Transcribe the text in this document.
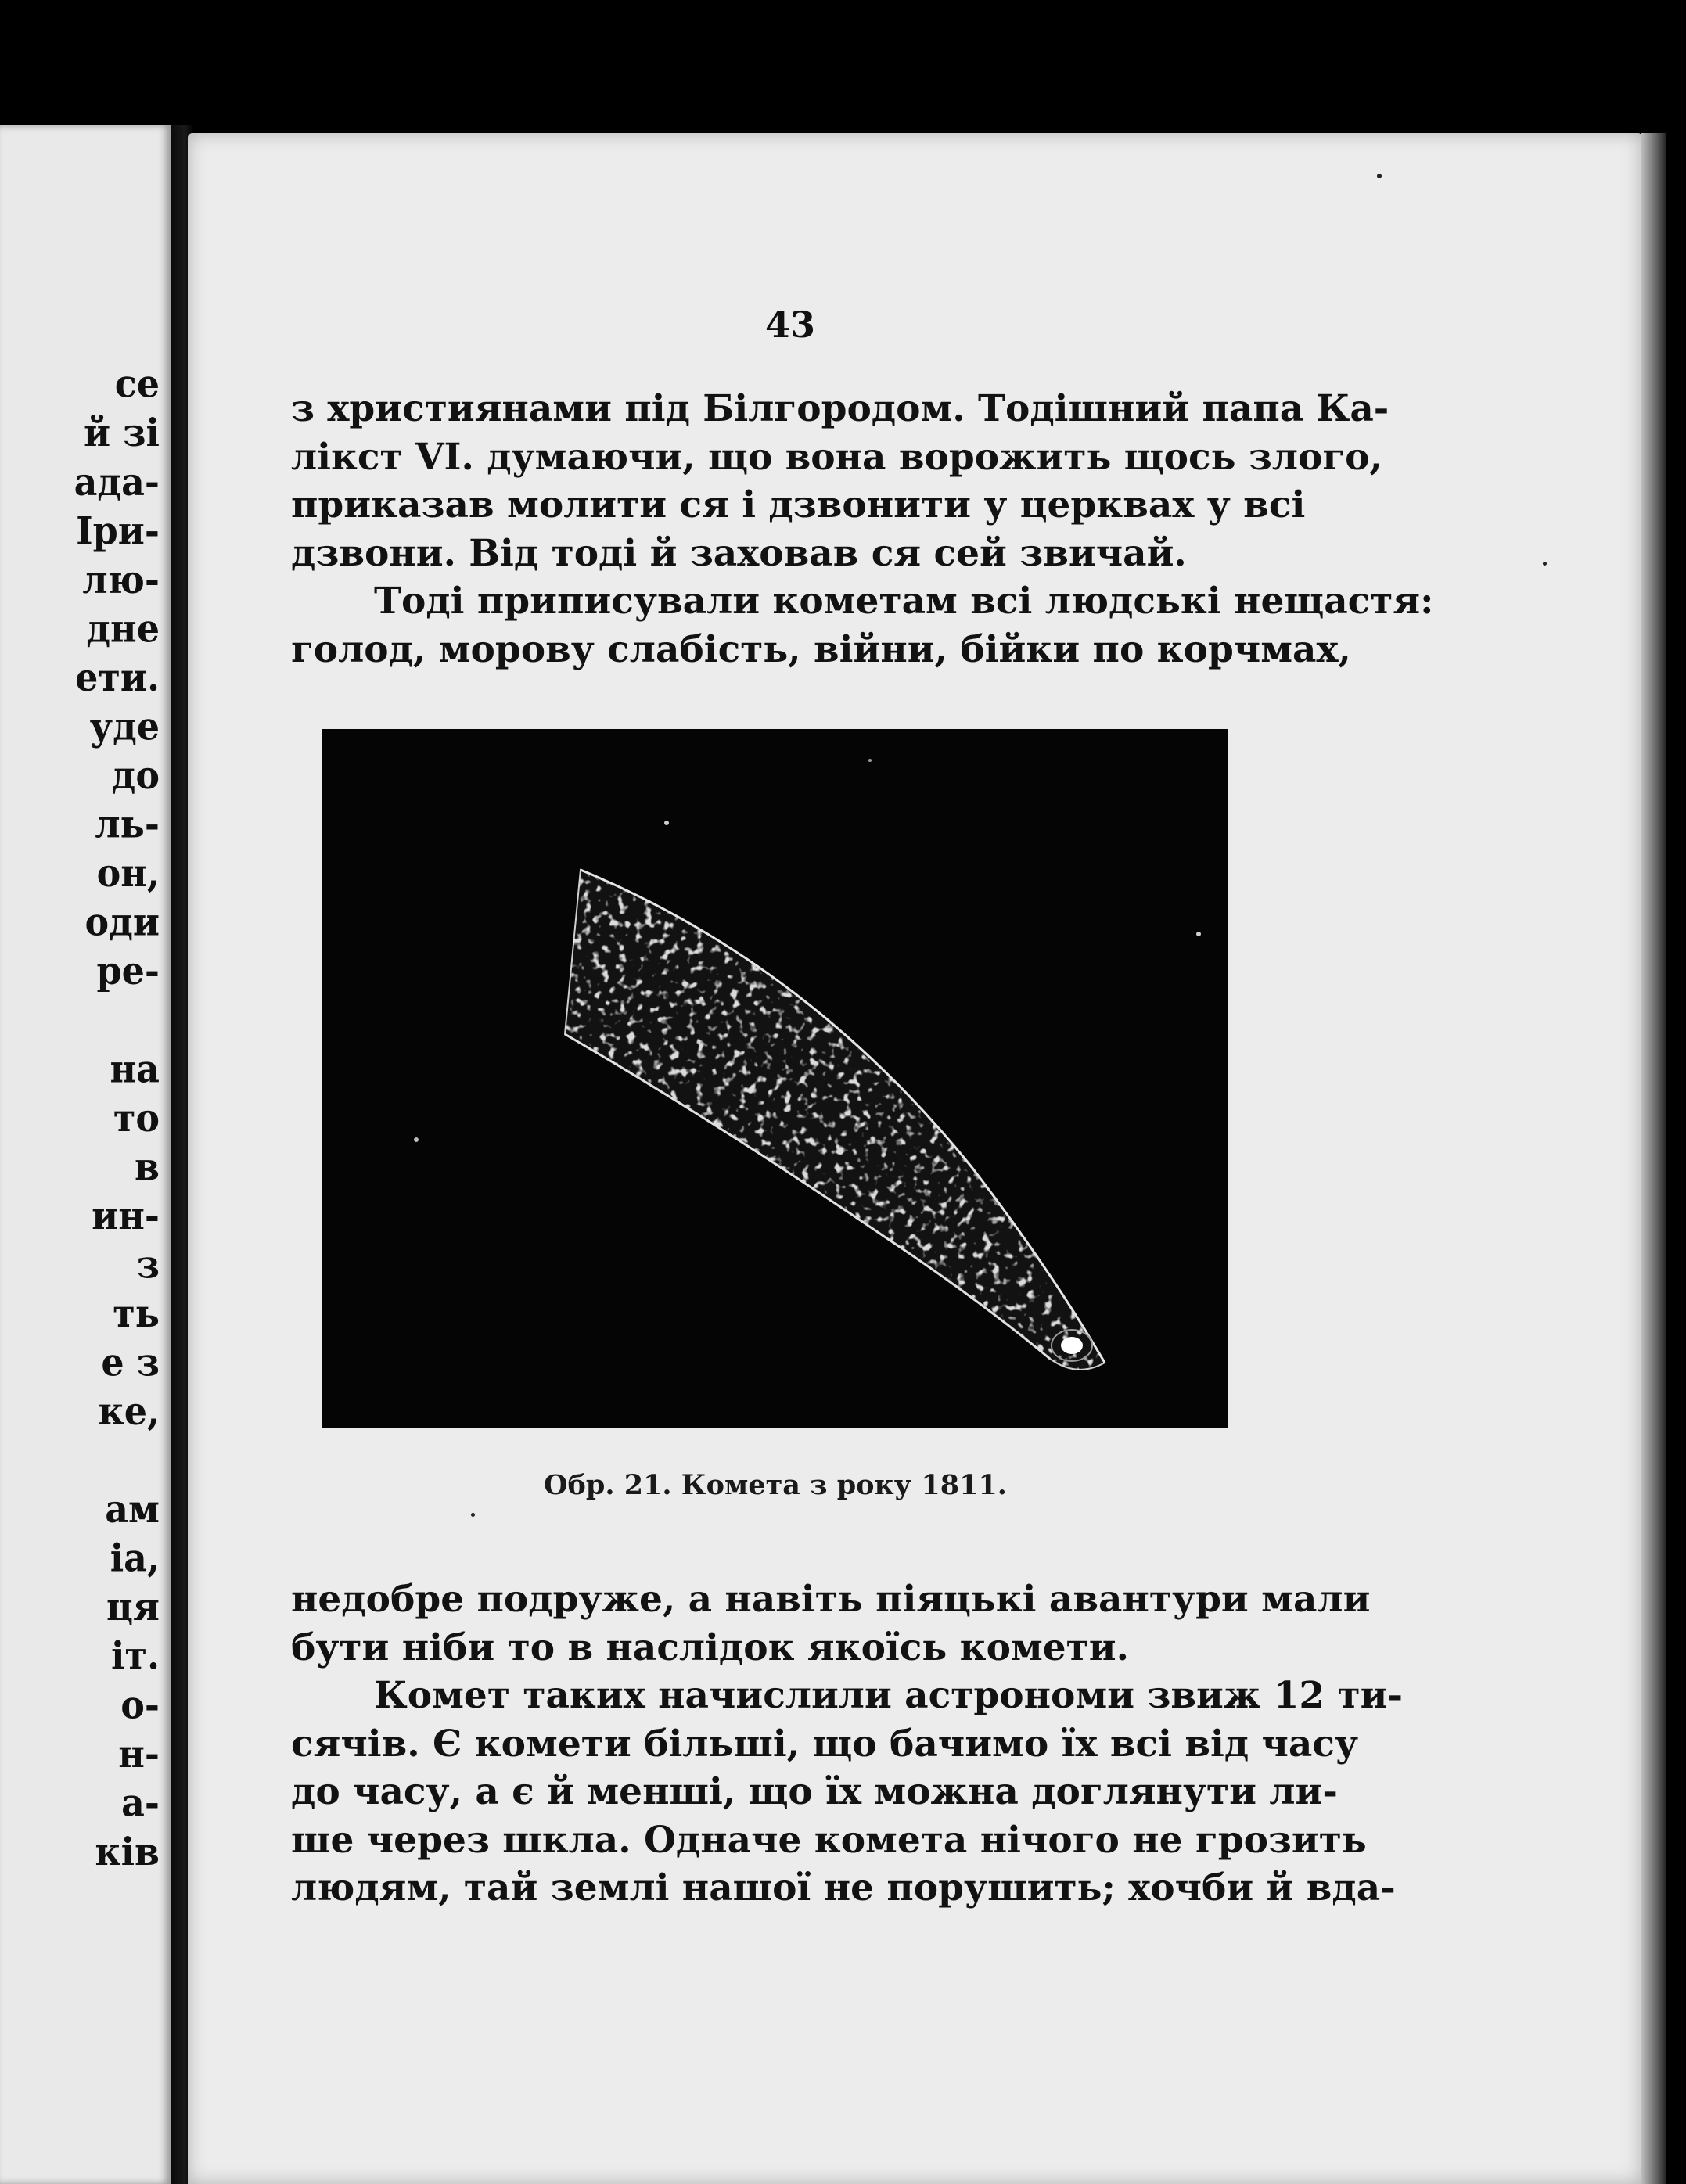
се
й зі
ада-
Іри-
лю-
дне
ети.
уде
до
ль-
он,
оди
ре-

на
то
в
ин-
з
ть
е з
ке,

ам
іа,
ця
іт.
о-
н-
а-
ків
43
з християнами під Білгородом. Тодішний папа Ка-
лікст VI. думаючи, що вона ворожить щось злого,
приказав молити ся і дзвонити у церквах у всі
дзвони. Від тоді й заховав ся сей звичай.
Тоді приписували кометам всі людські нещастя:
голод, морову слабість, війни, бійки по корчмах,
Обр. 21. Комета з року 1811.
недобре подруже, а навіть піяцькі авантури мали
бути ніби то в наслідок якоїсь комети.
Комет таких начислили астрономи звиж 12 ти-
сячів. Є комети більші, що бачимо їх всі від часу
до часу, а є й менші, що їх можна доглянути ли-
ше через шкла. Одначе комета нічого не грозить
людям, тай землі нашої не порушить; хочби й вда-
